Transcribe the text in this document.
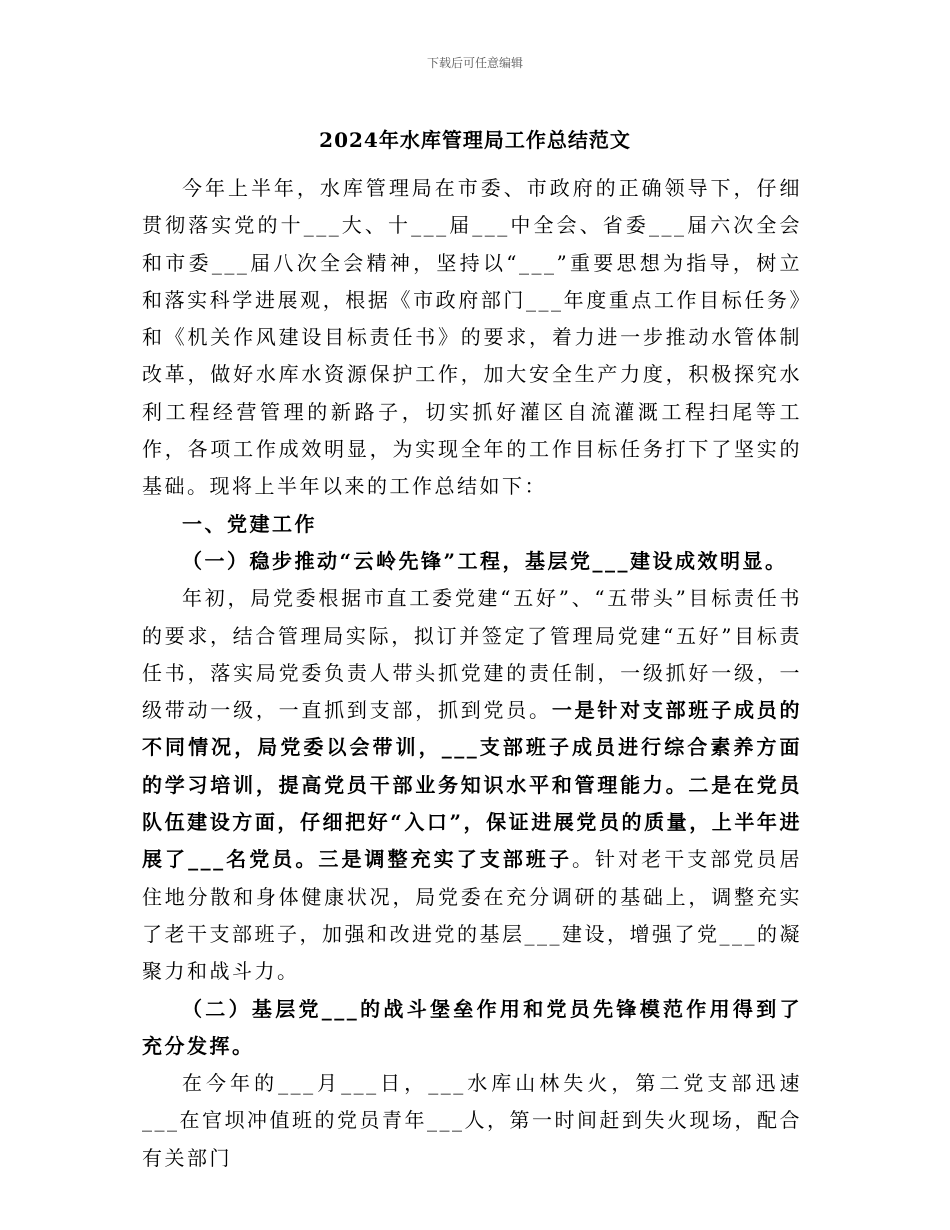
下载后可任意编辑
2024年水库管理局工作总结范文

今年上半年，水库管理局在市委、市政府的正确领导下，仔细贯彻落实党的十___大、十___届___中全会、省委___届六次全会和市委___届八次全会精神，坚持以“___”重要思想为指导，树立和落实科学进展观，根据《市政府部门___年度重点工作目标任务》和《机关作风建设目标责任书》的要求，着力进一步推动水管体制改革，做好水库水资源保护工作，加大安全生产力度，积极探究水利工程经营管理的新路子，切实抓好灌区自流灌溉工程扫尾等工作，各项工作成效明显，为实现全年的工作目标任务打下了坚实的基础。现将上半年以来的工作总结如下：

一、党建工作

（一）稳步推动“云岭先锋”工程，基层党___建设成效明显。

年初，局党委根据市直工委党建“五好”、“五带头”目标责任书的要求，结合管理局实际，拟订并签定了管理局党建“五好”目标责任书，落实局党委负责人带头抓党建的责任制，一级抓好一级，一级带动一级，一直抓到支部，抓到党员。一是针对支部班子成员的不同情况，局党委以会带训，___支部班子成员进行综合素养方面的学习培训，提高党员干部业务知识水平和管理能力。二是在党员队伍建设方面，仔细把好“入口”，保证进展党员的质量，上半年进展了___名党员。三是调整充实了支部班子。针对老干支部党员居住地分散和身体健康状况，局党委在充分调研的基础上，调整充实了老干支部班子，加强和改进党的基层___建设，增强了党___的凝聚力和战斗力。

（二）基层党___的战斗堡垒作用和党员先锋模范作用得到了充分发挥。

在今年的___月___日，___水库山林失火，第二党支部迅速___在官坝冲值班的党员青年___人，第一时间赶到失火现场，配合有关部门
